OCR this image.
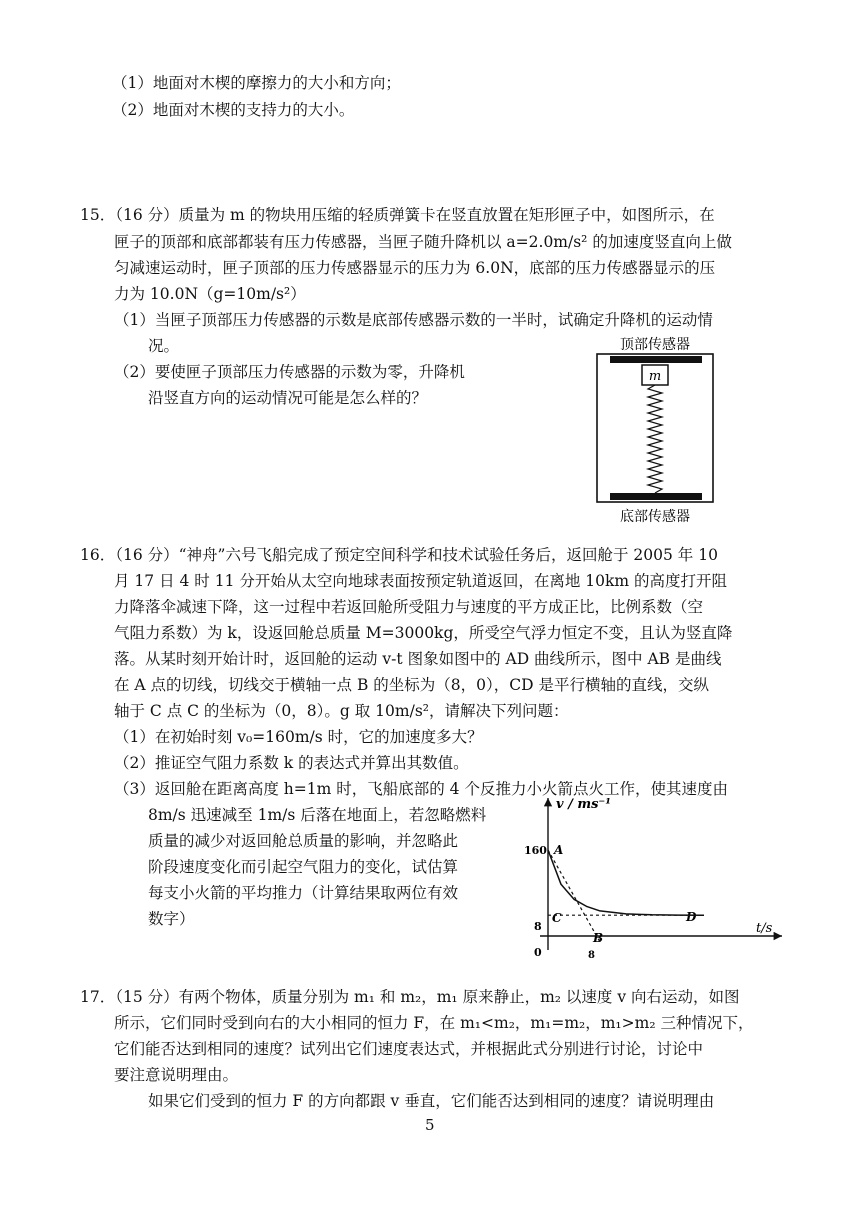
（1）地面对木楔的摩擦力的大小和方向；
（2）地面对木楔的支持力的大小。
15．（16 分）质量为 m 的物块用压缩的轻质弹簧卡在竖直放置在矩形匣子中，如图所示，在
匣子的顶部和底部都装有压力传感器，当匣子随升降机以 a=2.0m/s² 的加速度竖直向上做
匀减速运动时，匣子顶部的压力传感器显示的压力为 6.0N，底部的压力传感器显示的压
力为 10.0N（g=10m/s²）
（1）当匣子顶部压力传感器的示数是底部传感器示数的一半时，试确定升降机的运动情
况。
（2）要使匣子顶部压力传感器的示数为零，升降机
沿竖直方向的运动情况可能是怎么样的？
顶部传感器
m
底部传感器
16．（16 分）“神舟”六号飞船完成了预定空间科学和技术试验任务后，返回舱于 2005 年 10
月 17 日 4 时 11 分开始从太空向地球表面按预定轨道返回，在离地 10km 的高度打开阻
力降落伞减速下降，这一过程中若返回舱所受阻力与速度的平方成正比，比例系数（空
气阻力系数）为 k，设返回舱总质量 M=3000kg，所受空气浮力恒定不变，且认为竖直降
落。从某时刻开始计时，返回舱的运动 v-t 图象如图中的 AD 曲线所示，图中 AB 是曲线
在 A 点的切线，切线交于横轴一点 B 的坐标为（8，0），CD 是平行横轴的直线，交纵
轴于 C 点 C 的坐标为（0，8）。g 取 10m/s²，请解决下列问题：
（1）在初始时刻 v₀=160m/s 时，它的加速度多大？
（2）推证空气阻力系数 k 的表达式并算出其数值。
（3）返回舱在距离高度 h=1m 时，飞船底部的 4 个反推力小火箭点火工作，使其速度由
8m/s 迅速减至 1m/s 后落在地面上，若忽略燃料
质量的减少对返回舱总质量的影响，并忽略此
阶段速度变化而引起空气阻力的变化，试估算
每支小火箭的平均推力（计算结果取两位有效
数字）
v / ms⁻¹
t/s
160
8
0	8
A
C
B
D
17．（15 分）有两个物体，质量分别为 m₁ 和 m₂，m₁ 原来静止，m₂ 以速度 v 向右运动，如图
所示，它们同时受到向右的大小相同的恒力 F，在 m₁<m₂，m₁=m₂，m₁>m₂ 三种情况下，
它们能否达到相同的速度？试列出它们速度表达式，并根据此式分别进行讨论，讨论中
要注意说明理由。
如果它们受到的恒力 F 的方向都跟 v 垂直，它们能否达到相同的速度？请说明理由
5
